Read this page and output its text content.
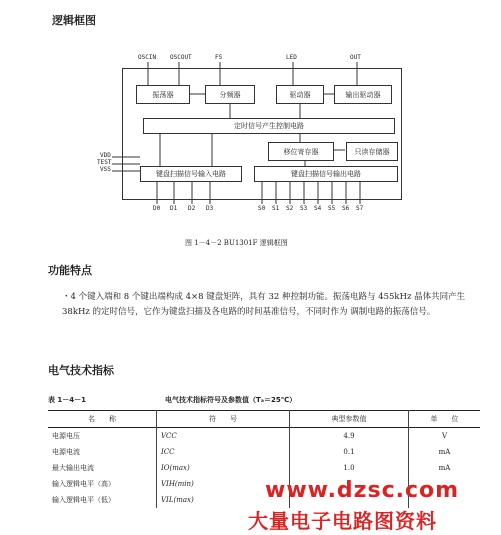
逻辑框图
OSCIN OSCOUT	FS	LED	OUT
VDD
TEST
VSS
振荡器	分频器	驱动器	输出驱动器
定时信号产生控制电路
移位寄存器	只读存储器
键盘扫描信号输入电路	键盘扫描信号输出电路
D0 D1 D2 D3	S0 S1 S2 S3 S4 S5 S6 S7
图 1－4－2 BU1301F 逻辑框图
功能特点
・4 个键入端和 8 个键出端构成 4×8 键盘矩阵，具有 32 种控制功能。振荡电路与 455kHz 晶体共同产生 38kHz 的定时信号，它作为键盘扫描及各电路的时间基准信号，不同时作为 调制电路的振荡信号。
电气技术指标
表 1－4－1	电气技术指标符号及参数值（Tₐ＝25℃）
名　　称	符　　号	典型参数值	单　　位
电源电压	VCC	4.9	V
电源电流	ICC	0.1	mA
最大输出电流	IO(max)	1.0	mA
输入逻辑电平（高）	VIH(min)		
输入逻辑电平（低）	VIL(max)			www.dzsc.com
大量电子电路图资料
